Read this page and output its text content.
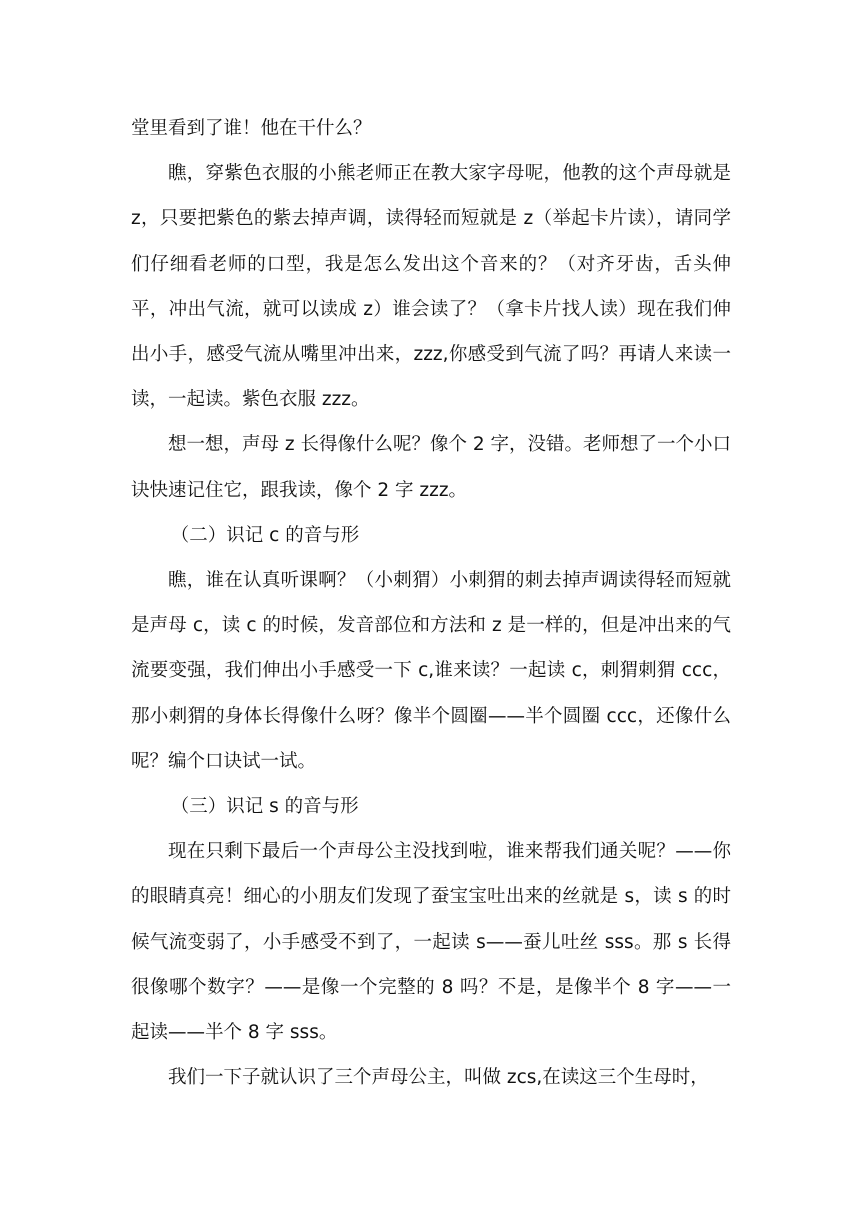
堂里看到了谁！他在干什么？

瞧，穿紫色衣服的小熊老师正在教大家字母呢，他教的这个声母就是 z，只要把紫色的紫去掉声调，读得轻而短就是 z（举起卡片读），请同学们仔细看老师的口型，我是怎么发出这个音来的？（对齐牙齿，舌头伸平，冲出气流，就可以读成 z）谁会读了？（拿卡片找人读）现在我们伸出小手，感受气流从嘴里冲出来，zzz,你感受到气流了吗？再请人来读一读，一起读。紫色衣服 zzz。

想一想，声母 z 长得像什么呢？像个 2 字，没错。老师想了一个小口诀快速记住它，跟我读，像个 2 字 zzz。

（二）识记 c 的音与形

瞧，谁在认真听课啊？（小刺猬）小刺猬的刺去掉声调读得轻而短就是声母 c，读 c 的时候，发音部位和方法和 z 是一样的，但是冲出来的气流要变强，我们伸出小手感受一下 c,谁来读？一起读 c，刺猬刺猬 ccc，那小刺猬的身体长得像什么呀？像半个圆圈——半个圆圈 ccc，还像什么呢？编个口诀试一试。

（三）识记 s 的音与形

现在只剩下最后一个声母公主没找到啦，谁来帮我们通关呢？——你的眼睛真亮！细心的小朋友们发现了蚕宝宝吐出来的丝就是 s，读 s 的时候气流变弱了，小手感受不到了，一起读 s——蚕儿吐丝 sss。那 s 长得很像哪个数字？——是像一个完整的 8 吗？不是，是像半个 8 字——一起读——半个 8 字 sss。

我们一下子就认识了三个声母公主，叫做 zcs,在读这三个生母时，
